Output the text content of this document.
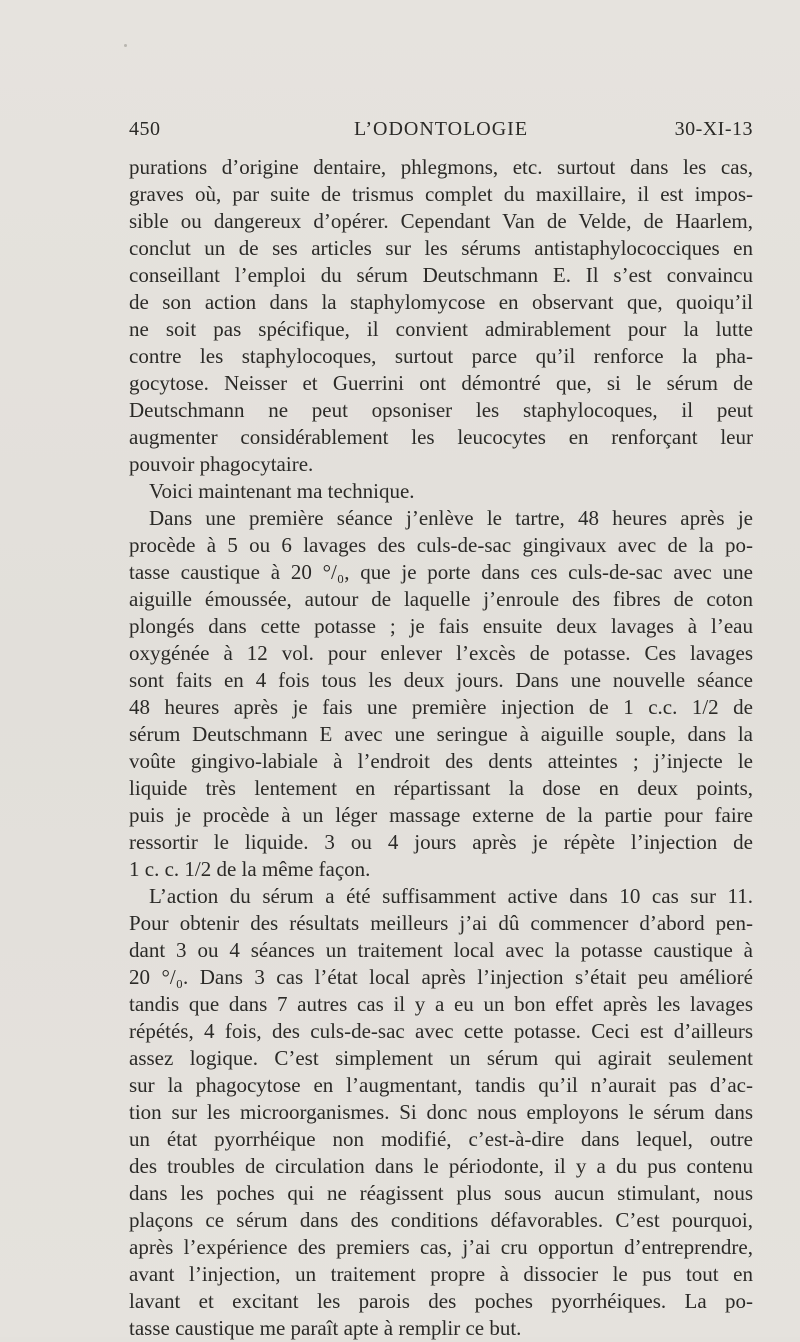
450	L’ODONTOLOGIE	30-XI-13
purations d’origine dentaire, phlegmons, etc. surtout dans les cas,
graves où, par suite de trismus complet du maxillaire, il est impos-
sible ou dangereux d’opérer. Cependant Van de Velde, de Haarlem,
conclut un de ses articles sur les sérums antistaphylococciques en
conseillant l’emploi du sérum Deutschmann E. Il s’est convaincu
de son action dans la staphylomycose en observant que, quoiqu’il
ne soit pas spécifique, il convient admirablement pour la lutte
contre les staphylocoques, surtout parce qu’il renforce la pha-
gocytose. Neisser et Guerrini ont démontré que, si le sérum de
Deutschmann ne peut opsoniser les staphylocoques, il peut
augmenter considérablement les leucocytes en renforçant leur
pouvoir phagocytaire.
Voici maintenant ma technique.
Dans une première séance j’enlève le tartre, 48 heures après je
procède à 5 ou 6 lavages des culs-de-sac gingivaux avec de la po-
tasse caustique à 20 °/₀, que je porte dans ces culs-de-sac avec une
aiguille émoussée, autour de laquelle j’enroule des fibres de coton
plongés dans cette potasse ; je fais ensuite deux lavages à l’eau
oxygénée à 12 vol. pour enlever l’excès de potasse. Ces lavages
sont faits en 4 fois tous les deux jours. Dans une nouvelle séance
48 heures après je fais une première injection de 1 c.c. 1/2 de
sérum Deutschmann E avec une seringue à aiguille souple, dans la
voûte gingivo-labiale à l’endroit des dents atteintes ; j’injecte le
liquide très lentement en répartissant la dose en deux points,
puis je procède à un léger massage externe de la partie pour faire
ressortir le liquide. 3 ou 4 jours après je répète l’injection de
1 c. c. 1/2 de la même façon.
L’action du sérum a été suffisamment active dans 10 cas sur 11.
Pour obtenir des résultats meilleurs j’ai dû commencer d’abord pen-
dant 3 ou 4 séances un traitement local avec la potasse caustique à
20 °/₀. Dans 3 cas l’état local après l’injection s’était peu amélioré
tandis que dans 7 autres cas il y a eu un bon effet après les lavages
répétés, 4 fois, des culs-de-sac avec cette potasse. Ceci est d’ailleurs
assez logique. C’est simplement un sérum qui agirait seulement
sur la phagocytose en l’augmentant, tandis qu’il n’aurait pas d’ac-
tion sur les microorganismes. Si donc nous employons le sérum dans
un état pyorrhéique non modifié, c’est-à-dire dans lequel, outre
des troubles de circulation dans le périodonte, il y a du pus contenu
dans les poches qui ne réagissent plus sous aucun stimulant, nous
plaçons ce sérum dans des conditions défavorables. C’est pourquoi,
après l’expérience des premiers cas, j’ai cru opportun d’entreprendre,
avant l’injection, un traitement propre à dissocier le pus tout en
lavant et excitant les parois des poches pyorrhéiques. La po-
tasse caustique me paraît apte à remplir ce but.
